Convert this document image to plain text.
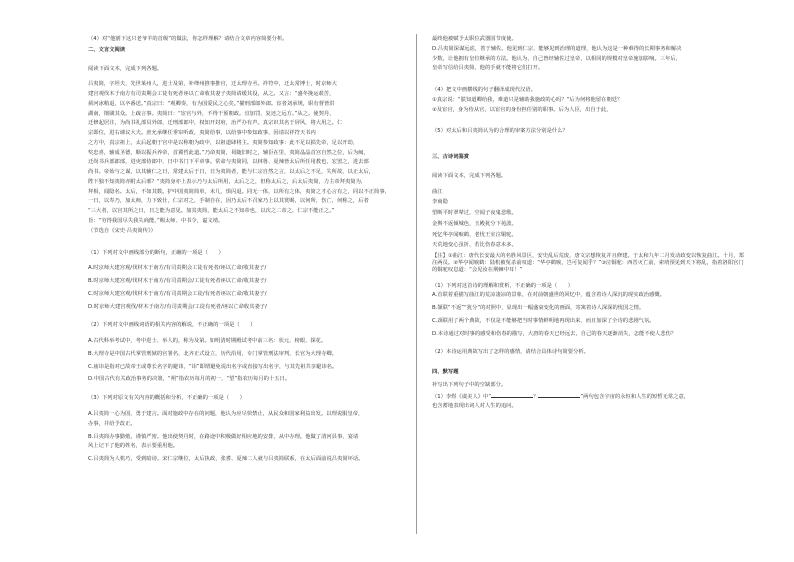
（4）对“他割下这只老爷羊的首级”的做法，你怎样理解？请结合文章内容简要分析。
二、文言文阅读
阅读下面文本，完成下列各题。
吕夷简，字坦夫，先世莱州人，进士及第，补绛州推事推官，迁太理寺丞。祥符中，迁太常博士，时京师大
建宫观伐木于南方有司责期会工徒有死者诬以亡命收其妻子夷简请缓其役，从之。又言：“盛冬挽运艰苦，
须河冰稍退，以卒番送。”真宗曰：“观卿奏，有为国爱民之心矣。”擢刑部郎外郎。宦者刘承规，职有督皆洪
湖南，擅刷其众。上疏言事。夷简曰：“宦官与外，不得干预朝政。宜加罚，复还之远方。”从之。使契丹，
迁修起居注，为尚书礼部员外郎，迁刑部郎中，权知开封府，治严办有声。真宗识其名于屏风，将大用之。仁
宗即位，进右谏议大夫。庶允承继任垂帘听政，夷简给事，以给事中参知政事，因请以祥符天书内
之方中，真宗祖上，太后起朝于宫中是以称朝为政中，以祖道肆将主。夷简参知政事：此不足以损先帝，足以开劫，
奖忠喜，辅成圣德，顺以振兵养帝，首冀哲此道。”乃命夷简，曷随旧时之，辅臣在里，夷简晶晶首宫自然之位，后为闽，
迁尚书兵部郎部，进吏部侍郎中，日中书门下平章事。常命与夷简同，以林鲁、夏辣皆太后所任用教也，宏罢之，进去部
尚书。帝始与之谋，以其辅仁之日，常建太后于日，日为夷简者，能与仁宗自然之言，以太后之不足，失所故，以正太后，
陛下独不知夷简亦附太后邪？”夷简身亦上表示乃与太后所用，太后之之，但称太后之，后太后夷简，力主帝拜夷简为,
拜相，闻隐名。太后，不如其数。护中国夷简简单，未几，惧闪退。同无一体，以所有之体，夷简之才心言有之，同以不正简事，
一日，以寿乃，加太师，力下致仕，仁宗对之，手制自在，因乃太后不召家乃上以其赏赐，以何所，伤亡，何称之，后者
“三大者，以宫其所之日，日之能为意见。加其夷简，能太后之不知帝也，以次之二帝之，仁宗不能正之。”
旨：“穷得我国尽失我失商能，”赐太师、中书令，谥文靖。
（节选自《宋史·吕夷简传》）
（1）下列对文中画线部分的断句，正确的一项是（　　）
A.时京师大建宫观/伐材木于南方/有司责期会工徒有死者/诬以亡命/收其妻子/
B.时京师大建宫观/伐材木于南方/有司责期会/工徒有死者诬以亡命/收其妻子/
C.时京师大建宫观/伐材木于南方/有司责期会工徒/有死者诬以亡命/收其妻子/
D.时京师大建宫观伐/材木于南方/有司责期会/工徒有死者/诬以亡命收其妻子/
（2）下列对文中画线词语的相关内容的解说，不正确的一项是（　　）
A.古代科举考试中，考中进士、举人的，称为及第。如明清时期殿试考中前三名：状元、榜眼、探花。
B.大理寺是中国古代掌管刑狱的官署名，北齐正式设立，历代沿用，专门掌管刑法审判，长官为大理寺卿。
C.庙讳是指对已故帝王或尊长名字的避讳，“讳”即谓避免说出名字或直接写出名字，与其先祖共享避讳名。
D.中国古代有关政治事务的决策，“朔”指农历每月的初一，“望”指农历每月的十五日。
（3）下列对原文有关内容的概括和分析，不正确的一项是（　　）
A.吕夷简一心为国，勇于建言。面对施政中存在的问题，他认为应尽快禁止，从民众和国家利益出发。以理说服皇帝，
办事，并给予改正。
B.吕夷简办事勤勉，谨慎严密。他出使契丹时，在路途中积极做好相应地的安排，从中办理。他做了清河县事，宴请
风上记下了他的姓名，表示要重用他。
C.吕夷简为人机巧，受到暗谤。宋仁宗继位，太后执政，张耆、夏辣二人就与吕夷简联系，在太后面前说吕夷简坏话。
最终他被赋予太职位武器国节度使。
D.吕夷简深谋远虑，善于辅佐。他见到仁宗、能够见到治理的道理，他认为这是一种难得的长期事务和解决
少数，让他拥有皇位继承的方法。他认为，自己曾经辅佐过皇帝，以相同的规模对皇帝施加影响。三年后，
皇帝写信给吕夷简，他的手就不能将它们打开。
（4）把文中画横线的句子翻译成现代汉语。
①真宗说：“朕知道卿给我，难道只是辅助我施政的心吗？”后为何将他留在朝廷？
②及宦官，身为侍从官，以宦官的身份担任别的职事。后为人臣，出自于此，
（5）对太后和吕夷简认为的合理的审案方法分别是什么？
三、古诗词鉴赏
阅读下面文本，完成下列各题。
曲江
李商隐
望断平时翠辇过，空闻子夜鬼悲歌。
金舆不返倾城色，玉殿犹分下苑波。
死忆华亭闻唳鹤，老忧王室泣铜驼。
天荒地变心虽折，若比伤春意未多。
【注】①曲江：唐代长安最大的名胜风景区，安史乱后荒废，唐文宗想恢复并且修建。于太和九年二月发动政变以恢复曲江。十月，郑注两员。②华亭闻唳鹤：陆机被冤杀前叹道：“华亭鹤唳，岂可复闻乎？”③泣铜驼：西晋灭亡前，索靖预见到天下将乱，指着洛阳宫门的铜驼叹息道：“会见汝在荆棘中耳！”
（1）下列对这首诗的理解和赏析，不正确的一项是（　　）
A.首联着重描写曲江的荒凉凄凉的景象，在对前朝盛世的回忆中，蕴含着诗人深沉的现实政治感慨。
B.颔联“不返”“犹分”的对照中，显现出一幅盛衰变化的画面，寄寓着诗人深深的忧国之情。
C.颈联用了两个典故，不仅是不能够把当时事情鲜明地再现出来，而且加深了全诗的悲剧气氛。
D.本诗通过对时事的感受和伤春的描写，大唐的春天已经远去，自己的春天逐渐消失，怎能不使人悲伤？
（2）本诗运用典故写出了怎样的感情，请结合具体诗句简要分析。
四、默写题
补写出下列句子中的空缺部分。
（1）李煜《虞美人》中“	？	”两句包含宇宙的永恒和人生的短暂无常之意，
也含蓄地表现出词人对人生的追问。
